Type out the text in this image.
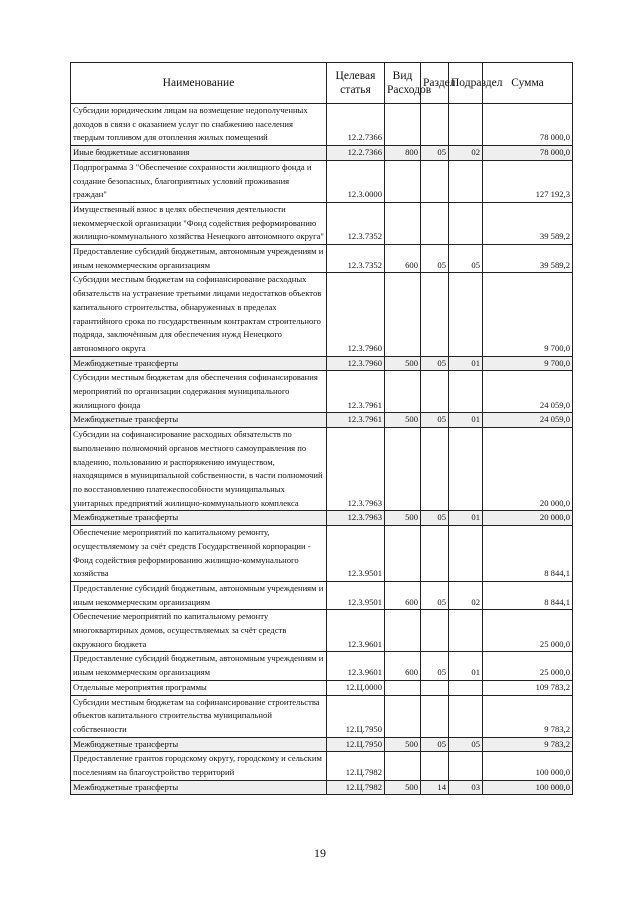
Наименование	Целевая статья	Вид Расходов	Раздел	Подраздел	Сумма
Субсидии юридическим лицам на возмещение недополученных доходов в связи с оказанием услуг по снабжению населения твердым топливом для отопления жилых помещений	12.2.7366				78 000,0
Иные бюджетные ассигнования	12.2.7366	800	05	02	78 000,0
Подпрограмма 3 "Обеспечение сохранности жилищного фонда и создание безопасных, благоприятных условий проживания граждан"	12.3.0000				127 192,3
Имущественный взнос в целях обеспечения деятельности некоммерческой организации "Фонд содействия реформированию жилищно-коммунального хозяйства Ненецкого автономного округа"	12.3.7352				39 589,2
Предоставление субсидий бюджетным, автономным учреждениям и иным некоммерческим организациям	12.3.7352	600	05	05	39 589,2
Субсидии местным бюджетам на софинансирование расходных обязательств на устранение третьими лицами недостатков объектов капитального строительства, обнаруженных в пределах гарантийного срока по государственным контрактам строительного подряда, заключённым для обеспечения нужд Ненецкого автономного округа	12.3.7960				9 700,0
Межбюджетные трансферты	12.3.7960	500	05	01	9 700,0
Субсидии местным бюджетам для обеспечения софинансирования мероприятий по организации содержания муниципального жилищного фонда	12.3.7961				24 059,0
Межбюджетные трансферты	12.3.7961	500	05	01	24 059,0
Субсидии на софинансирование расходных обязательств по выполнению полномочий органов местного самоуправления по владению, пользованию и распоряжению имуществом, находящимся в муниципальной собственности, в части полномочий по восстановлению платежеспособности муниципальных унитарных предприятий жилищно-коммунального комплекса	12.3.7963				20 000,0
Межбюджетные трансферты	12.3.7963	500	05	01	20 000,0
Обеспечение мероприятий по капитальному ремонту, осуществляемому за счёт средств Государственной корпорации - Фонд содействия реформированию жилищно-коммунального хозяйства	12.3.9501				8 844,1
Предоставление субсидий бюджетным, автономным учреждениям и иным некоммерческим организациям	12.3.9501	600	05	02	8 844,1
Обеспечение мероприятий по капитальному ремонту многоквартирных домов, осуществляемых за счёт средств окружного бюджета	12.3.9601				25 000,0
Предоставление субсидий бюджетным, автономным учреждениям и иным некоммерческим организациям	12.3.9601	600	05	01	25 000,0
Отдельные мероприятия программы	12.Ц.0000				109 783,2
Субсидии местным бюджетам на софинансирование строительства объектов капитального строительства муниципальной собственности	12.Ц.7950				9 783,2
Межбюджетные трансферты	12.Ц.7950	500	05	05	9 783,2
Предоставление грантов городскому округу, городскому и сельским поселениям на благоустройство территорий	12.Ц.7982				100 000,0
Межбюджетные трансферты	12.Ц.7982	500	14	03	100 000,0
19
